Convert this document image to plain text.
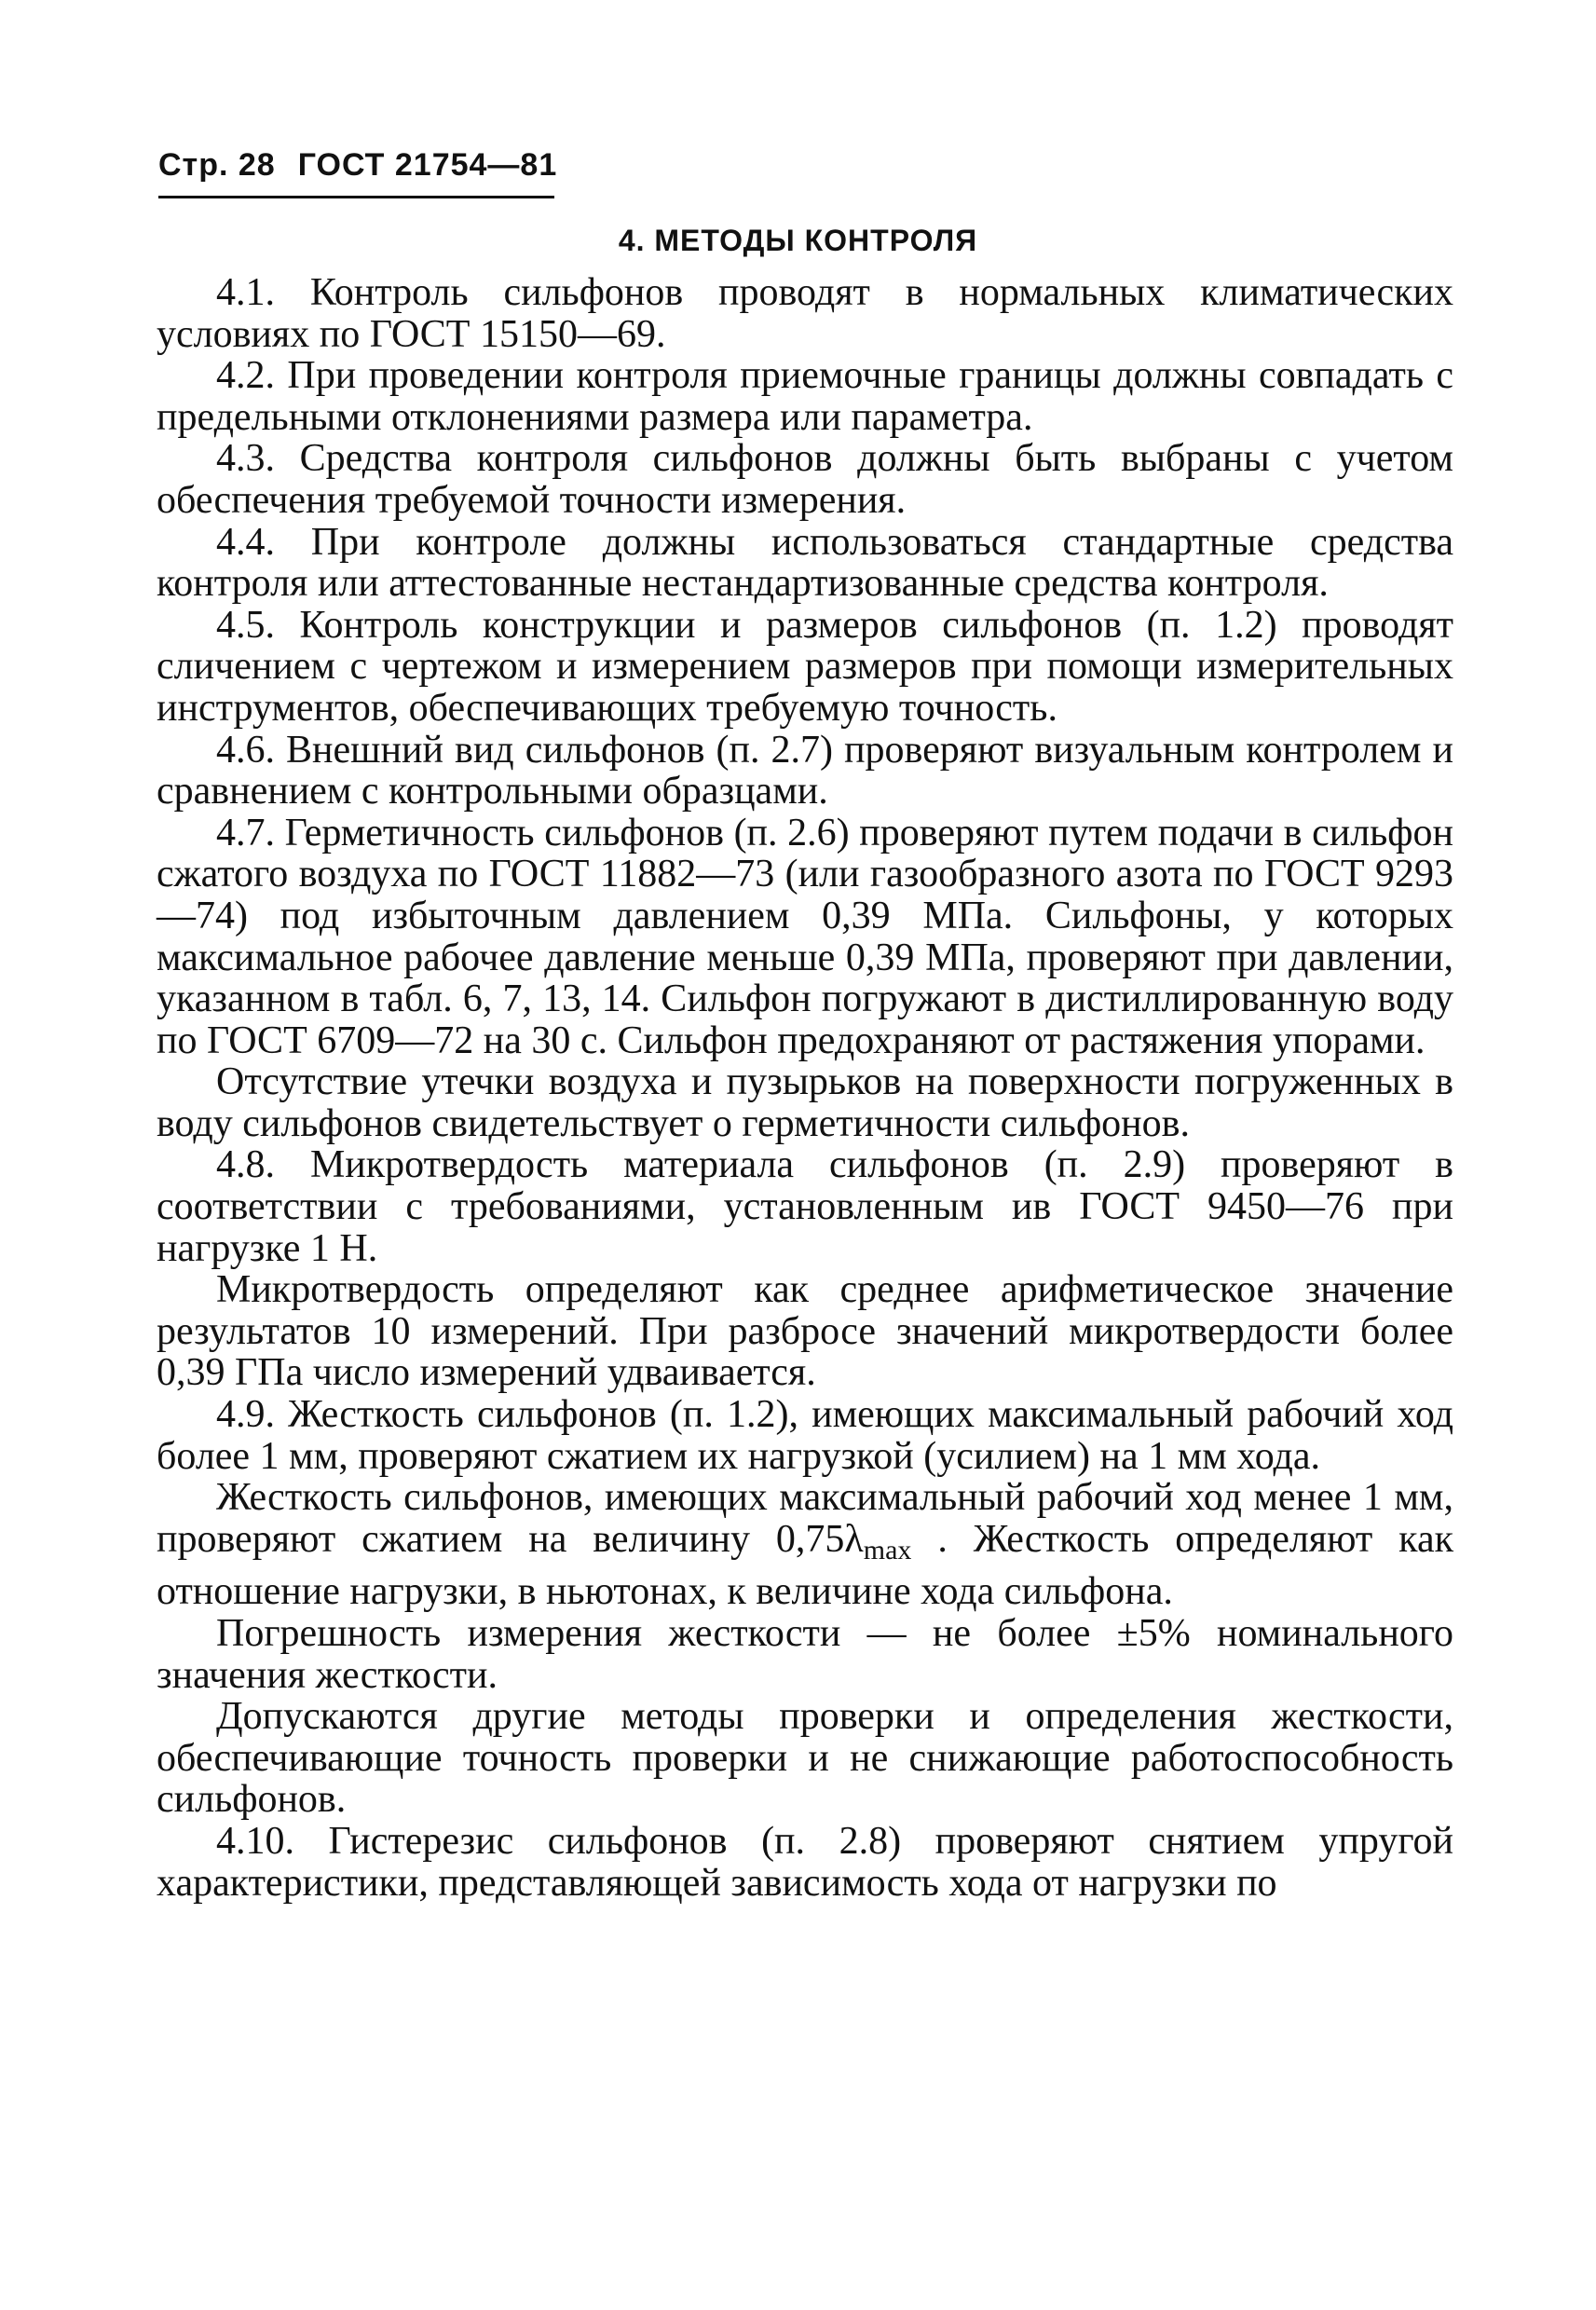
Стр. 28 ГОСТ 21754—81
4. МЕТОДЫ КОНТРОЛЯ

4.1. Контроль сильфонов проводят в нормальных климатических условиях по ГОСТ 15150—69.

4.2. При проведении контроля приемочные границы должны совпадать с предельными отклонениями размера или параметра.

4.3. Средства контроля сильфонов должны быть выбраны с учетом обеспечения требуемой точности измерения.

4.4. При контроле должны использоваться стандартные средства контроля или аттестованные нестандартизованные средства контроля.

4.5. Контроль конструкции и размеров сильфонов (п. 1.2) проводят сличением с чертежом и измерением размеров при помощи измерительных инструментов, обеспечивающих требуемую точность.

4.6. Внешний вид сильфонов (п. 2.7) проверяют визуальным контролем и сравнением с контрольными образцами.

4.7. Герметичность сильфонов (п. 2.6) проверяют путем подачи в сильфон сжатого воздуха по ГОСТ 11882—73 (или газообразного азота по ГОСТ 9293—74) под избыточным давлением 0,39 МПа. Сильфоны, у которых максимальное рабочее давление меньше 0,39 МПа, проверяют при давлении, указанном в табл. 6, 7, 13, 14. Сильфон погружают в дистиллированную воду по ГОСТ 6709—72 на 30 с. Сильфон предохраняют от растяжения упорами.

Отсутствие утечки воздуха и пузырьков на поверхности погруженных в воду сильфонов свидетельствует о герметичности сильфонов.

4.8. Микротвердость материала сильфонов (п. 2.9) проверяют в соответствии с требованиями, установленным ив ГОСТ 9450—76 при нагрузке 1 Н.

Микротвердость определяют как среднее арифметическое значение результатов 10 измерений. При разбросе значений микротвердости более 0,39 ГПа число измерений удваивается.

4.9. Жесткость сильфонов (п. 1.2), имеющих максимальный рабочий ход более 1 мм, проверяют сжатием их нагрузкой (усилием) на 1 мм хода.

Жесткость сильфонов, имеющих максимальный рабочий ход менее 1 мм, проверяют сжатием на величину $0,75\lambda_{max}$ . Жесткость определяют как отношение нагрузки, в ньютонах, к величине хода сильфона.

Погрешность измерения жесткости — не более ±5% номинального значения жесткости.

Допускаются другие методы проверки и определения жесткости, обеспечивающие точность проверки и не снижающие работоспособность сильфонов.

4.10. Гистерезис сильфонов (п. 2.8) проверяют снятием упругой характеристики, представляющей зависимость хода от нагрузки по
